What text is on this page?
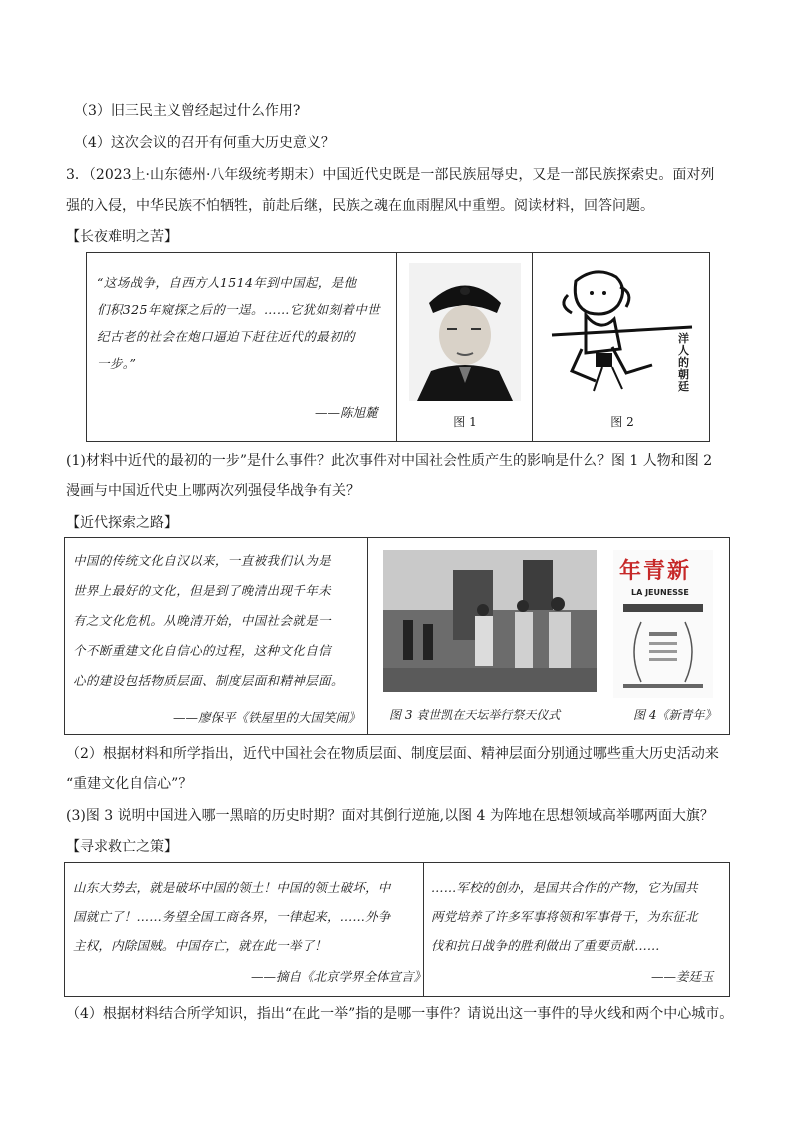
（3）旧三民主义曾经起过什么作用?
（4）这次会议的召开有何重大历史意义？
3．（2023上·山东德州·八年级统考期末）中国近代史既是一部民族屈辱史，又是一部民族探索史。面对列
强的入侵，中华民族不怕牺牲，前赴后继，民族之魂在血雨腥风中重塑。阅读材料，回答问题。
【长夜难明之苦】
“这场战争，自西方人1514年到中国起，是他
们积325年窥探之后的一逞。……它犹如刻着中世
纪古老的社会在炮口逼迫下赶往近代的最初的
一步。”
——陈旭麓
图 1
洋
人
的
朝
廷
图 2
(1)材料中近代的最初的一步”是什么事件？此次事件对中国社会性质产生的影响是什么？图 1 人物和图 2
漫画与中国近代史上哪两次列强侵华战争有关？
【近代探索之路】
中国的传统文化自汉以来，一直被我们认为是
世界上最好的文化，但是到了晚清出现千年未
有之文化危机。从晚清开始，中国社会就是一
个不断重建文化自信心的过程，这种文化自信
心的建设包括物质层面、制度层面和精神层面。
——廖保平《铁屋里的大国笑闹》
年青新
LA JEUNESSE
图 3 袁世凯在天坛举行祭天仪式	图 4《新青年》
（2）根据材料和所学指出，近代中国社会在物质层面、制度层面、精神层面分别通过哪些重大历史活动来
“重建文化自信心”？
(3)图 3 说明中国进入哪一黑暗的历史时期？面对其倒行逆施,以图 4 为阵地在思想领域高举哪两面大旗？
【寻求救亡之策】
山东大势去，就是破坏中国的领土！中国的领土破坏，中
国就亡了！……务望全国工商各界，一律起来，……外争
主权，内除国贼。中国存亡，就在此一举了！
——摘自《北京学界全体宣言》
……军校的创办，是国共合作的产物，它为国共
两党培养了许多军事将领和军事骨干，为东征北
伐和抗日战争的胜利做出了重要贡献……
——姜廷玉
（4）根据材料结合所学知识，指出“在此一举”指的是哪一事件？请说出这一事件的导火线和两个中心城市。
